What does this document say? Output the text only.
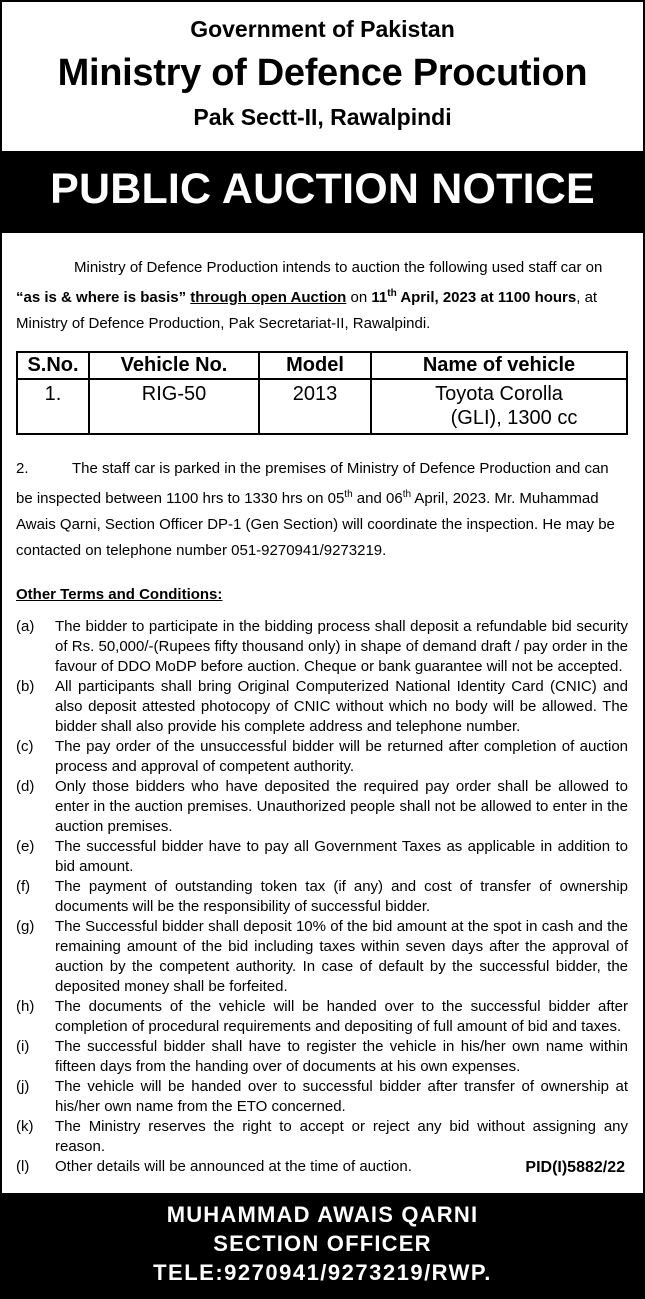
Government of Pakistan
Ministry of Defence Procution
Pak Sectt-II, Rawalpindi
PUBLIC AUCTION NOTICE
Ministry of Defence Production intends to auction the following used staff car on “as is & where is basis” through open Auction on 11th April, 2023 at 1100 hours, at Ministry of Defence Production, Pak Secretariat-II, Rawalpindi.
S.No.	Vehicle No.	Model	Name of vehicle
1.	RIG-50	2013	Toyota Corolla
(GLI), 1300 cc
2.	The staff car is parked in the premises of Ministry of Defence Production and can be inspected between 1100 hrs to 1330 hrs on 05th and 06th April, 2023. Mr. Muhammad Awais Qarni, Section Officer DP-1 (Gen Section) will coordinate the inspection. He may be contacted on telephone number 051-9270941/9273219.
Other Terms and Conditions:
(a)	The bidder to participate in the bidding process shall deposit a refundable bid security of Rs. 50,000/-(Rupees fifty thousand only) in shape of demand draft / pay order in the favour of DDO MoDP before auction. Cheque or bank guarantee will not be accepted.
(b)	All participants shall bring Original Computerized National Identity Card (CNIC) and also deposit attested photocopy of CNIC without which no body will be allowed. The bidder shall also provide his complete address and telephone number.
(c)	The pay order of the unsuccessful bidder will be returned after completion of auction process and approval of competent authority.
(d)	Only those bidders who have deposited the required pay order shall be allowed to enter in the auction premises. Unauthorized people shall not be allowed to enter in the auction premises.
(e)	The successful bidder have to pay all Government Taxes as applicable in addition to bid amount.
(f)	The payment of outstanding token tax (if any) and cost of transfer of ownership documents will be the responsibility of successful bidder.
(g)	The Successful bidder shall deposit 10% of the bid amount at the spot in cash and the remaining amount of the bid including taxes within seven days after the approval of auction by the competent authority. In case of default by the successful bidder, the deposited money shall be forfeited.
(h)	The documents of the vehicle will be handed over to the successful bidder after completion of procedural requirements and depositing of full amount of bid and taxes.
(i)	The successful bidder shall have to register the vehicle in his/her own name within fifteen days from the handing over of documents at his own expenses.
(j)	The vehicle will be handed over to successful bidder after transfer of ownership at his/her own name from the ETO concerned.
(k)	The Ministry reserves the right to accept or reject any bid without assigning any reason.
(l)	Other details will be announced at the time of auction.	PID(I)5882/22
MUHAMMAD AWAIS QARNI
SECTION OFFICER
TELE:9270941/9273219/RWP.
